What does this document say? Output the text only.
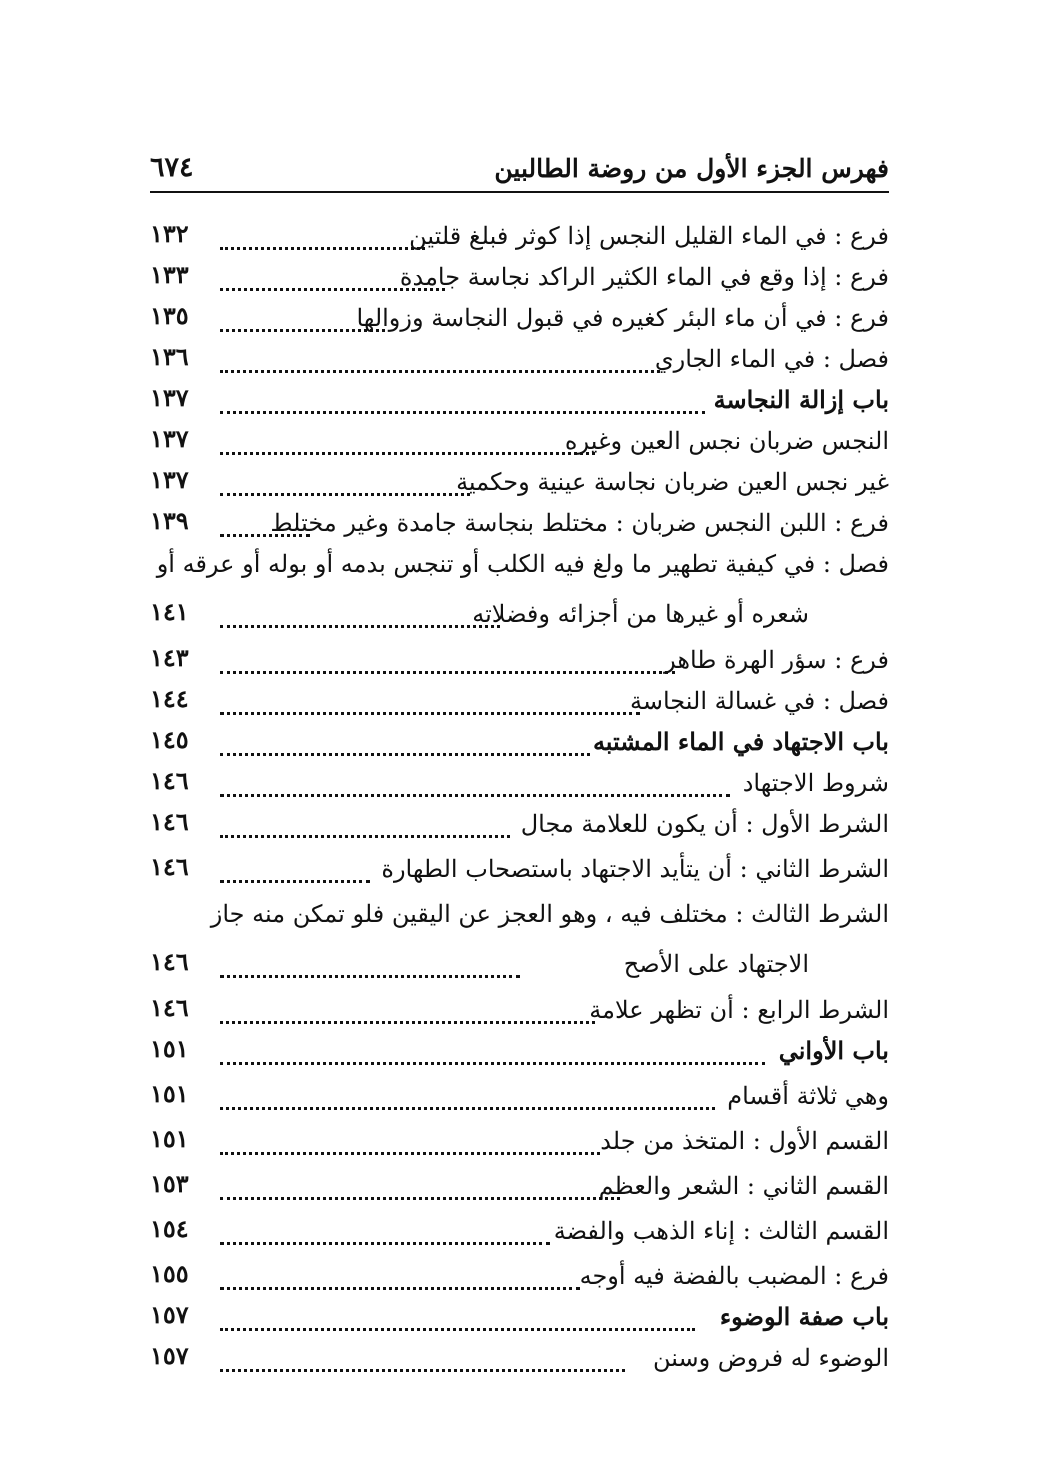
٦٧٤	فهرس الجزء الأول من روضة الطالبين
١٣٢	فرع : في الماء القليل النجس إذا كوثر فبلغ قلتين
١٣٣	فرع : إذا وقع في الماء الكثير الراكد نجاسة جامدة
١٣٥	فرع : في أن ماء البئر كغيره في قبول النجاسة وزوالها
١٣٦	فصل : في الماء الجاري
١٣٧	باب إزالة النجاسة
١٣٧	النجس ضربان نجس العين وغيره
١٣٧	غير نجس العين ضربان نجاسة عينية وحكمية
١٣٩	فرع : اللبن النجس ضربان : مختلط بنجاسة جامدة وغير مختلط
فصل : في كيفية تطهير ما ولغ فيه الكلب أو تنجس بدمه أو بوله أو عرقه أو
١٤١	شعره أو غيرها من أجزائه وفضلاته
١٤٣	فرع : سؤر الهرة طاهر
١٤٤	فصل : في غسالة النجاسة
١٤٥	باب الاجتهاد في الماء المشتبه
١٤٦	شروط الاجتهاد
١٤٦	الشرط الأول : أن يكون للعلامة مجال
١٤٦	الشرط الثاني : أن يتأيد الاجتهاد باستصحاب الطهارة
الشرط الثالث : مختلف فيه ، وهو العجز عن اليقين فلو تمكن منه جاز
١٤٦	الاجتهاد على الأصح
١٤٦	الشرط الرابع : أن تظهر علامة
١٥١	باب الأواني
١٥١	وهي ثلاثة أقسام
١٥١	القسم الأول : المتخذ من جلد
١٥٣	القسم الثاني : الشعر والعظم
١٥٤	القسم الثالث : إناء الذهب والفضة
١٥٥	فرع : المضبب بالفضة فيه أوجه
١٥٧	باب صفة الوضوء
١٥٧	الوضوء له فروض وسنن
